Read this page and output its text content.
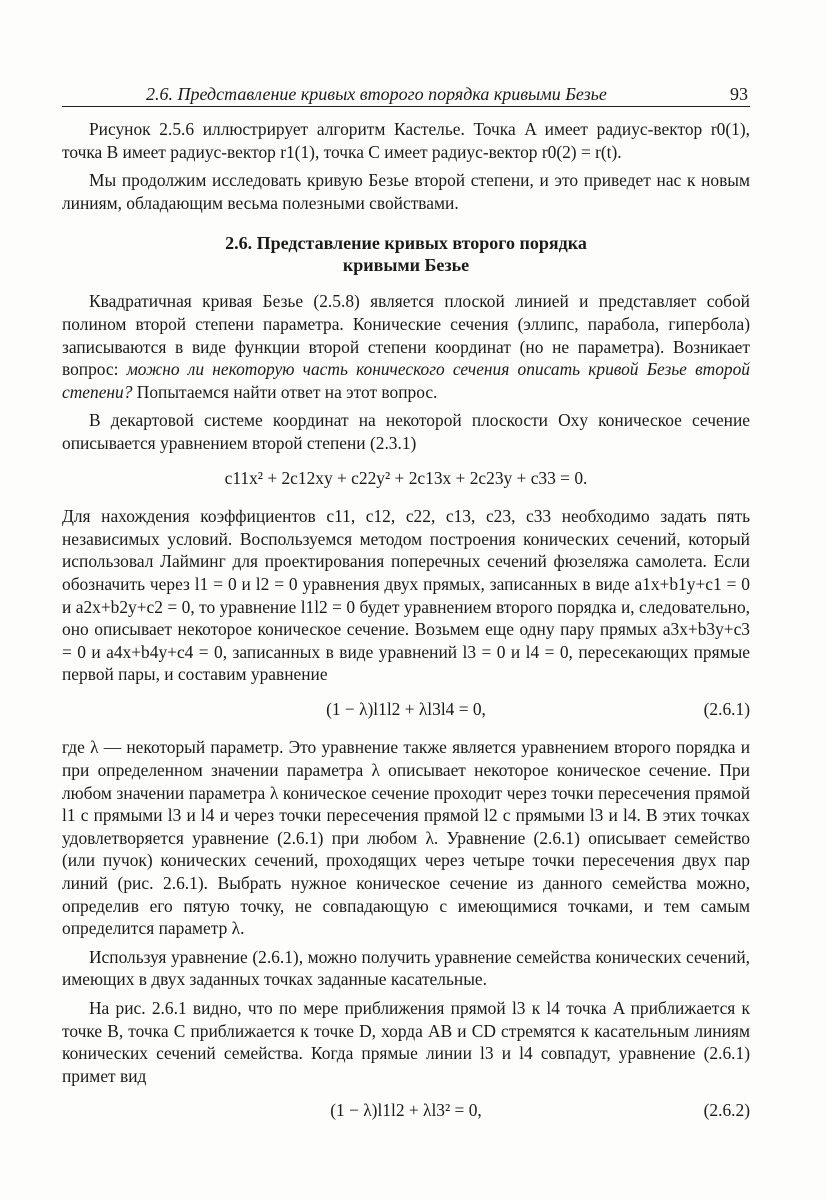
2.6. Представление кривых второго порядка кривыми Безье	93

Рисунок 2.5.6 иллюстрирует алгоритм Кастелье. Точка A имеет радиус-вектор r0(1), точка B имеет радиус-вектор r1(1), точка C имеет радиус-вектор r0(2) = r(t).

Мы продолжим исследовать кривую Безье второй степени, и это приведет нас к новым линиям, обладающим весьма полезными свойствами.

2.6. Представление кривых второго порядка
кривыми Безье

Квадратичная кривая Безье (2.5.8) является плоской линией и представляет собой полином второй степени параметра. Конические сечения (эллипс, парабола, гипербола) записываются в виде функции второй степени координат (но не параметра). Возникает вопрос: можно ли некоторую часть конического сечения описать кривой Безье второй степени? Попытаемся найти ответ на этот вопрос.

В декартовой системе координат на некоторой плоскости Oxy коническое сечение описывается уравнением второй степени (2.3.1)

c11x² + 2c12xy + c22y² + 2c13x + 2c23y + c33 = 0.

Для нахождения коэффициентов c11, c12, c22, c13, c23, c33 необходимо задать пять независимых условий. Воспользуемся методом построения конических сечений, который использовал Лайминг для проектирования поперечных сечений фюзеляжа самолета. Если обозначить через l1 = 0 и l2 = 0 уравнения двух прямых, записанных в виде a1x+b1y+c1 = 0 и a2x+b2y+c2 = 0, то уравнение l1l2 = 0 будет уравнением второго порядка и, следовательно, оно описывает некоторое коническое сечение. Возьмем еще одну пару прямых a3x+b3y+c3 = 0 и a4x+b4y+c4 = 0, записанных в виде уравнений l3 = 0 и l4 = 0, пересекающих прямые первой пары, и составим уравнение

(1 − λ)l1l2 + λl3l4 = 0,	(2.6.1)

где λ — некоторый параметр. Это уравнение также является уравнением второго порядка и при определенном значении параметра λ описывает некоторое коническое сечение. При любом значении параметра λ коническое сечение проходит через точки пересечения прямой l1 с прямыми l3 и l4 и через точки пересечения прямой l2 с прямыми l3 и l4. В этих точках удовлетворяется уравнение (2.6.1) при любом λ. Уравнение (2.6.1) описывает семейство (или пучок) конических сечений, проходящих через четыре точки пересечения двух пар линий (рис. 2.6.1). Выбрать нужное коническое сечение из данного семейства можно, определив его пятую точку, не совпадающую с имеющимися точками, и тем самым определится параметр λ.

Используя уравнение (2.6.1), можно получить уравнение семейства конических сечений, имеющих в двух заданных точках заданные касательные.

На рис. 2.6.1 видно, что по мере приближения прямой l3 к l4 точка A приближается к точке B, точка C приближается к точке D, хорда AB и CD стремятся к касательным линиям конических сечений семейства. Когда прямые линии l3 и l4 совпадут, уравнение (2.6.1) примет вид

(1 − λ)l1l2 + λl3² = 0,	(2.6.2)
